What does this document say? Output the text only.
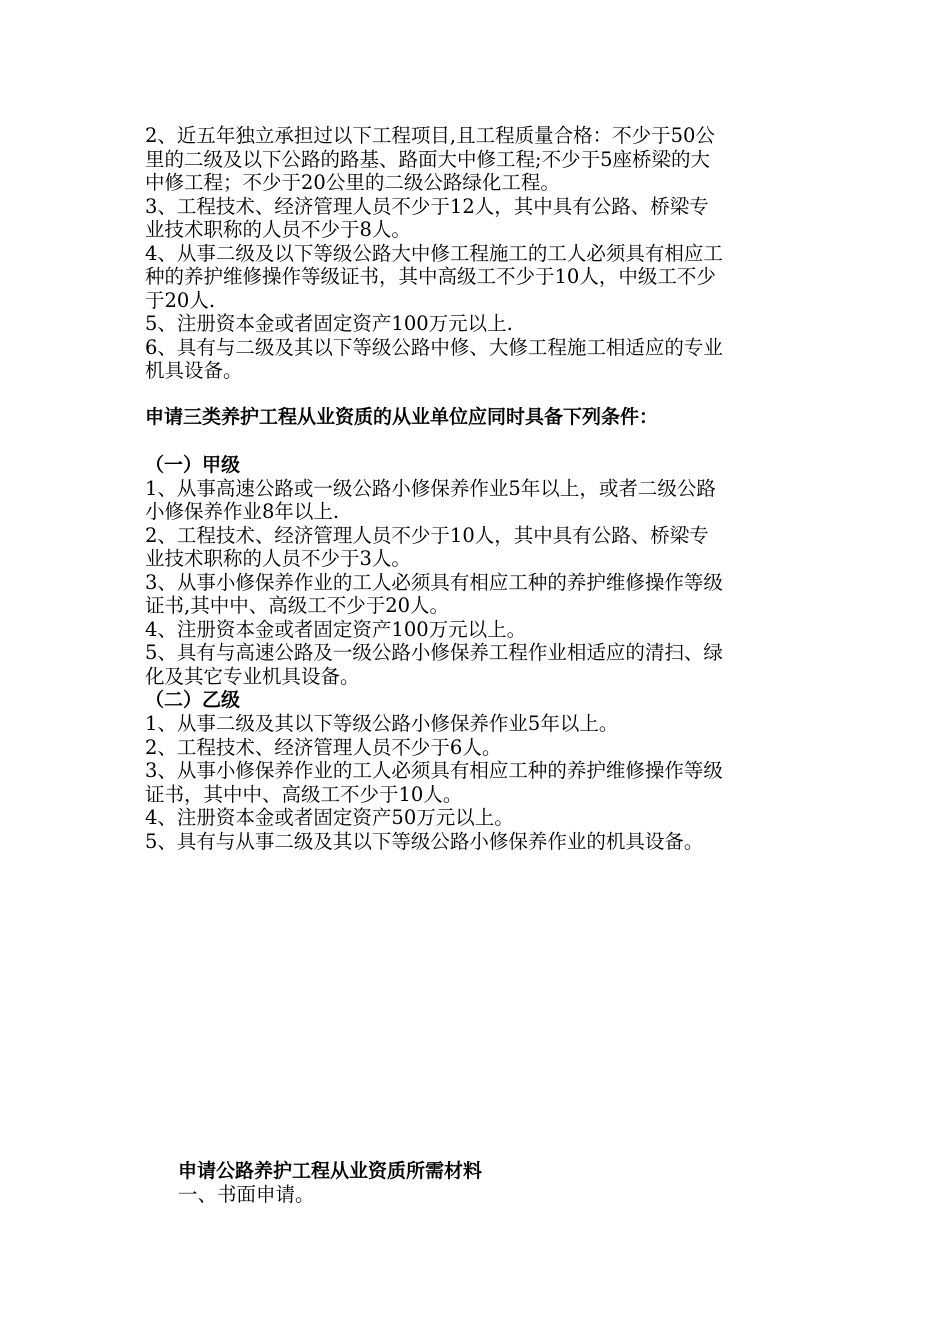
2、近五年独立承担过以下工程项目,且工程质量合格：不少于50公

里的二级及以下公路的路基、路面大中修工程;不少于5座桥梁的大

中修工程；不少于20公里的二级公路绿化工程。

3、工程技术、经济管理人员不少于12人，其中具有公路、桥梁专

业技术职称的人员不少于8人。

4、从事二级及以下等级公路大中修工程施工的工人必须具有相应工

种的养护维修操作等级证书，其中高级工不少于10人，中级工不少

于20人.

5、注册资本金或者固定资产100万元以上.

6、具有与二级及其以下等级公路中修、大修工程施工相适应的专业

机具设备。

申请三类养护工程从业资质的从业单位应同时具备下列条件：

（一）甲级

1、从事高速公路或一级公路小修保养作业5年以上，或者二级公路

小修保养作业8年以上.

2、工程技术、经济管理人员不少于10人，其中具有公路、桥梁专

业技术职称的人员不少于3人。

3、从事小修保养作业的工人必须具有相应工种的养护维修操作等级

证书,其中中、高级工不少于20人。

4、注册资本金或者固定资产100万元以上。

5、具有与高速公路及一级公路小修保养工程作业相适应的清扫、绿

化及其它专业机具设备。

（二）乙级

1、从事二级及其以下等级公路小修保养作业5年以上。

2、工程技术、经济管理人员不少于6人。

3、从事小修保养作业的工人必须具有相应工种的养护维修操作等级

证书，其中中、高级工不少于10人。

4、注册资本金或者固定资产50万元以上。

5、具有与从事二级及其以下等级公路小修保养作业的机具设备。

申请公路养护工程从业资质所需材料

一、书面申请。
